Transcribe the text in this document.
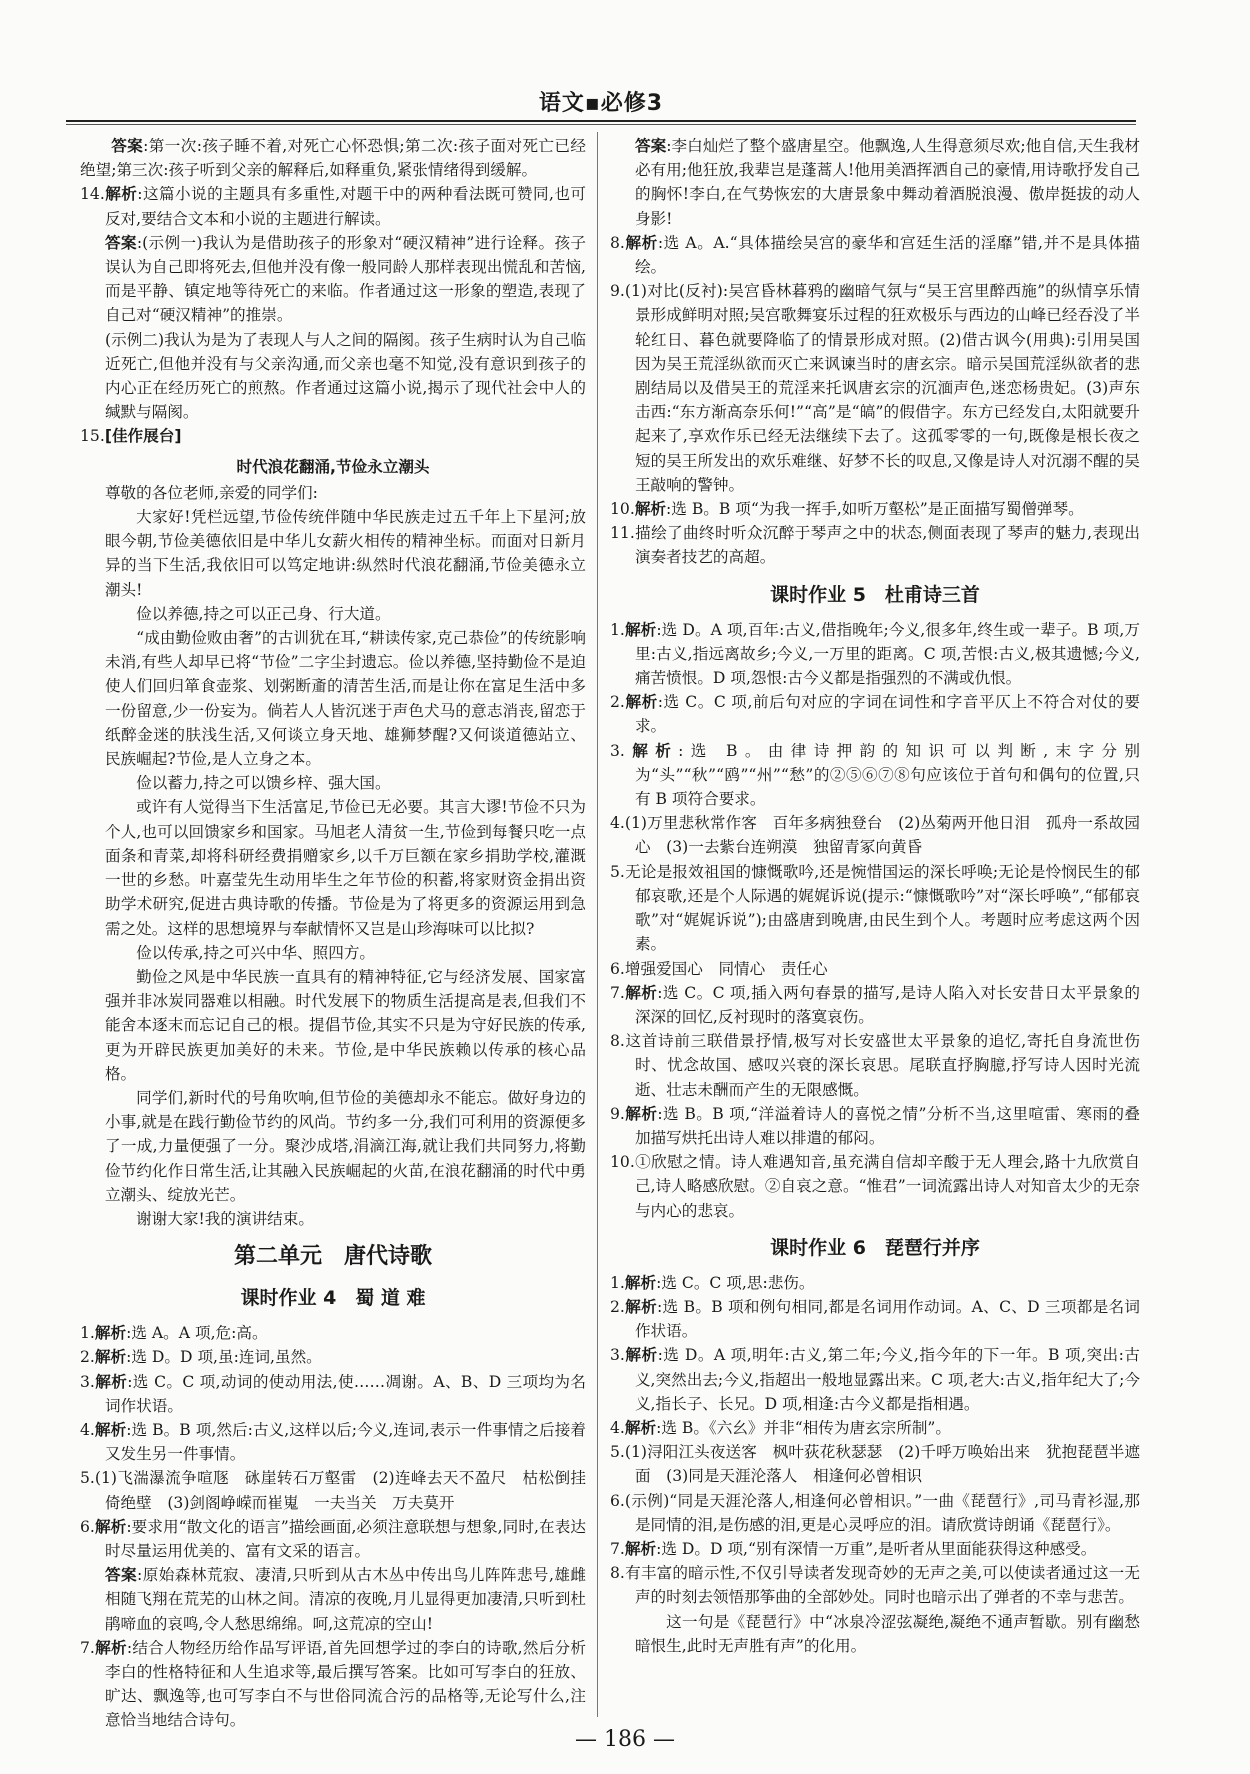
语文▪必修3

答案:第一次:孩子睡不着,对死亡心怀恐惧;第二次:孩子面对死亡已经绝望;第三次:孩子听到父亲的解释后,如释重负,紧张情绪得到缓解。

14.解析:这篇小说的主题具有多重性,对题干中的两种看法既可赞同,也可反对,要结合文本和小说的主题进行解读。

答案:(示例一)我认为是借助孩子的形象对“硬汉精神”进行诠释。孩子误认为自己即将死去,但他并没有像一般同龄人那样表现出慌乱和苦恼,而是平静、镇定地等待死亡的来临。作者通过这一形象的塑造,表现了自己对“硬汉精神”的推崇。

(示例二)我认为是为了表现人与人之间的隔阂。孩子生病时认为自己临近死亡,但他并没有与父亲沟通,而父亲也毫不知觉,没有意识到孩子的内心正在经历死亡的煎熬。作者通过这篇小说,揭示了现代社会中人的缄默与隔阂。

15.[佳作展台]

时代浪花翻涌,节俭永立潮头

尊敬的各位老师,亲爱的同学们:

大家好!凭栏远望,节俭传统伴随中华民族走过五千年上下星河;放眼今朝,节俭美德依旧是中华儿女薪火相传的精神坐标。而面对日新月异的当下生活,我依旧可以笃定地讲:纵然时代浪花翻涌,节俭美德永立潮头!

俭以养德,持之可以正己身、行大道。

“成由勤俭败由奢”的古训犹在耳,“耕读传家,克己恭俭”的传统影响未消,有些人却早已将“节俭”二字尘封遗忘。俭以养德,坚持勤俭不是迫使人们回归箪食壶浆、划粥断齑的清苦生活,而是让你在富足生活中多一份留意,少一份妄为。倘若人人皆沉迷于声色犬马的意志消丧,留恋于纸醉金迷的肤浅生活,又何谈立身天地、雄狮梦醒?又何谈道德站立、民族崛起?节俭,是人立身之本。

俭以蓄力,持之可以馈乡梓、强大国。

或许有人觉得当下生活富足,节俭已无必要。其言大谬!节俭不只为个人,也可以回馈家乡和国家。马旭老人清贫一生,节俭到每餐只吃一点面条和青菜,却将科研经费捐赠家乡,以千万巨额在家乡捐助学校,灌溉一世的乡愁。叶嘉莹先生动用毕生之年节俭的积蓄,将家财资金捐出资助学术研究,促进古典诗歌的传播。节俭是为了将更多的资源运用到急需之处。这样的思想境界与奉献情怀又岂是山珍海味可以比拟?

俭以传承,持之可兴中华、照四方。

勤俭之风是中华民族一直具有的精神特征,它与经济发展、国家富强并非冰炭同器难以相融。时代发展下的物质生活提高是表,但我们不能舍本逐末而忘记自己的根。提倡节俭,其实不只是为守好民族的传承,更为开辟民族更加美好的未来。节俭,是中华民族赖以传承的核心品格。

同学们,新时代的号角吹响,但节俭的美德却永不能忘。做好身边的小事,就是在践行勤俭节约的风尚。节约多一分,我们可利用的资源便多了一成,力量便强了一分。聚沙成塔,涓滴江海,就让我们共同努力,将勤俭节约化作日常生活,让其融入民族崛起的火苗,在浪花翻涌的时代中勇立潮头、绽放光芒。

谢谢大家!我的演讲结束。

第二单元　唐代诗歌

课时作业 4　蜀 道 难

1.解析:选 A。A 项,危:高。

2.解析:选 D。D 项,虽:连词,虽然。

3.解析:选 C。C 项,动词的使动用法,使……凋谢。A、B、D 三项均为名词作状语。

4.解析:选 B。B 项,然后:古义,这样以后;今义,连词,表示一件事情之后接着又发生另一件事情。

5.(1)飞湍瀑流争喧豗　砯崖转石万壑雷　(2)连峰去天不盈尺　枯松倒挂倚绝壁　(3)剑阁峥嵘而崔嵬　一夫当关　万夫莫开

6.解析:要求用“散文化的语言”描绘画面,必须注意联想与想象,同时,在表达时尽量运用优美的、富有文采的语言。

答案:原始森林荒寂、凄清,只听到从古木丛中传出鸟儿阵阵悲号,雄雌相随飞翔在荒芜的山林之间。清凉的夜晚,月儿显得更加凄清,只听到杜鹃啼血的哀鸣,令人愁思绵绵。呵,这荒凉的空山!

7.解析:结合人物经历给作品写评语,首先回想学过的李白的诗歌,然后分析李白的性格特征和人生追求等,最后撰写答案。比如可写李白的狂放、旷达、飘逸等,也可写李白不与世俗同流合污的品格等,无论写什么,注意恰当地结合诗句。

答案:李白灿烂了整个盛唐星空。他飘逸,人生得意须尽欢;他自信,天生我材必有用;他狂放,我辈岂是蓬蒿人!他用美酒挥洒自己的豪情,用诗歌抒发自己的胸怀!李白,在气势恢宏的大唐景象中舞动着酒脱浪漫、傲岸挺拔的动人身影!

8.解析:选 A。A.“具体描绘吴宫的豪华和宫廷生活的淫靡”错,并不是具体描绘。

9.(1)对比(反衬):吴宫昏林暮鸦的幽暗气氛与“吴王宫里醉西施”的纵情享乐情景形成鲜明对照;吴宫歌舞宴乐过程的狂欢极乐与西边的山峰已经吞没了半轮红日、暮色就要降临了的情景形成对照。(2)借古讽今(用典):引用吴国因为吴王荒淫纵欲而灭亡来讽谏当时的唐玄宗。暗示吴国荒淫纵欲者的悲剧结局以及借吴王的荒淫来托讽唐玄宗的沉湎声色,迷恋杨贵妃。(3)声东击西:“东方渐高奈乐何!”“高”是“皜”的假借字。东方已经发白,太阳就要升起来了,享欢作乐已经无法继续下去了。这孤零零的一句,既像是根长夜之短的吴王所发出的欢乐难继、好梦不长的叹息,又像是诗人对沉溺不醒的吴王敲响的警钟。

10.解析:选 B。B 项“为我一挥手,如听万壑松”是正面描写蜀僧弹琴。

11.描绘了曲终时听众沉醉于琴声之中的状态,侧面表现了琴声的魅力,表现出演奏者技艺的高超。

课时作业 5　杜甫诗三首

1.解析:选 D。A 项,百年:古义,借指晚年;今义,很多年,终生或一辈子。B 项,万里:古义,指远离故乡;今义,一万里的距离。C 项,苦恨:古义,极其遗憾;今义,痛苦愤恨。D 项,怨恨:古今义都是指强烈的不满或仇恨。

2.解析:选 C。C 项,前后句对应的字词在词性和字音平仄上不符合对仗的要求。

3.解析:选 B。由律诗押韵的知识可以判断,末字分别为“头”“秋”“鸥”“州”“愁”的②⑤⑥⑦⑧句应该位于首句和偶句的位置,只有 B 项符合要求。

4.(1)万里悲秋常作客　百年多病独登台　(2)丛菊两开他日泪　孤舟一系故园心　(3)一去紫台连朔漠　独留青冢向黄昏

5.无论是报效祖国的慷慨歌吟,还是惋惜国运的深长呼唤;无论是怜悯民生的郁郁哀歌,还是个人际遇的娓娓诉说(提示:“慷慨歌吟”对“深长呼唤”,“郁郁哀歌”对“娓娓诉说”);由盛唐到晚唐,由民生到个人。考题时应考虑这两个因素。

6.增强爱国心　同情心　责任心

7.解析:选 C。C 项,插入两句春景的描写,是诗人陷入对长安昔日太平景象的深深的回忆,反衬现时的落寞哀伤。

8.这首诗前三联借景抒情,极写对长安盛世太平景象的追忆,寄托自身流世伤时、忧念故国、感叹兴衰的深长哀思。尾联直抒胸臆,抒写诗人因时光流逝、壮志未酬而产生的无限感慨。

9.解析:选 B。B 项,“洋溢着诗人的喜悦之情”分析不当,这里喧雷、寒雨的叠加描写烘托出诗人难以排遣的郁闷。

10.①欣慰之情。诗人难遇知音,虽充满自信却辛酸于无人理会,路十九欣赏自己,诗人略感欣慰。②自哀之意。“惟君”一词流露出诗人对知音太少的无奈与内心的悲哀。

课时作业 6　琵琶行并序

1.解析:选 C。C 项,思:悲伤。

2.解析:选 B。B 项和例句相同,都是名词用作动词。A、C、D 三项都是名词作状语。

3.解析:选 D。A 项,明年:古义,第二年;今义,指今年的下一年。B 项,突出:古义,突然出去;今义,指超出一般地显露出来。C 项,老大:古义,指年纪大了;今义,指长子、长兄。D 项,相逢:古今义都是指相遇。

4.解析:选 B。《六幺》并非“相传为唐玄宗所制”。

5.(1)浔阳江头夜送客　枫叶荻花秋瑟瑟　(2)千呼万唤始出来　犹抱琵琶半遮面　(3)同是天涯沦落人　相逢何必曾相识

6.(示例)“同是天涯沦落人,相逢何必曾相识。”一曲《琵琶行》,司马青衫湿,那是同情的泪,是伤感的泪,更是心灵呼应的泪。请欣赏诗朗诵《琵琶行》。

7.解析:选 D。D 项,“别有深情一万重”,是听者从里面能获得这种感受。

8.有丰富的暗示性,不仅引导读者发现奇妙的无声之美,可以使读者通过这一无声的时刻去领悟那筝曲的全部妙处。同时也暗示出了弹者的不幸与悲苦。

这一句是《琵琶行》中“冰泉冷涩弦凝绝,凝绝不通声暂歇。别有幽愁暗恨生,此时无声胜有声”的化用。

— 186 —
